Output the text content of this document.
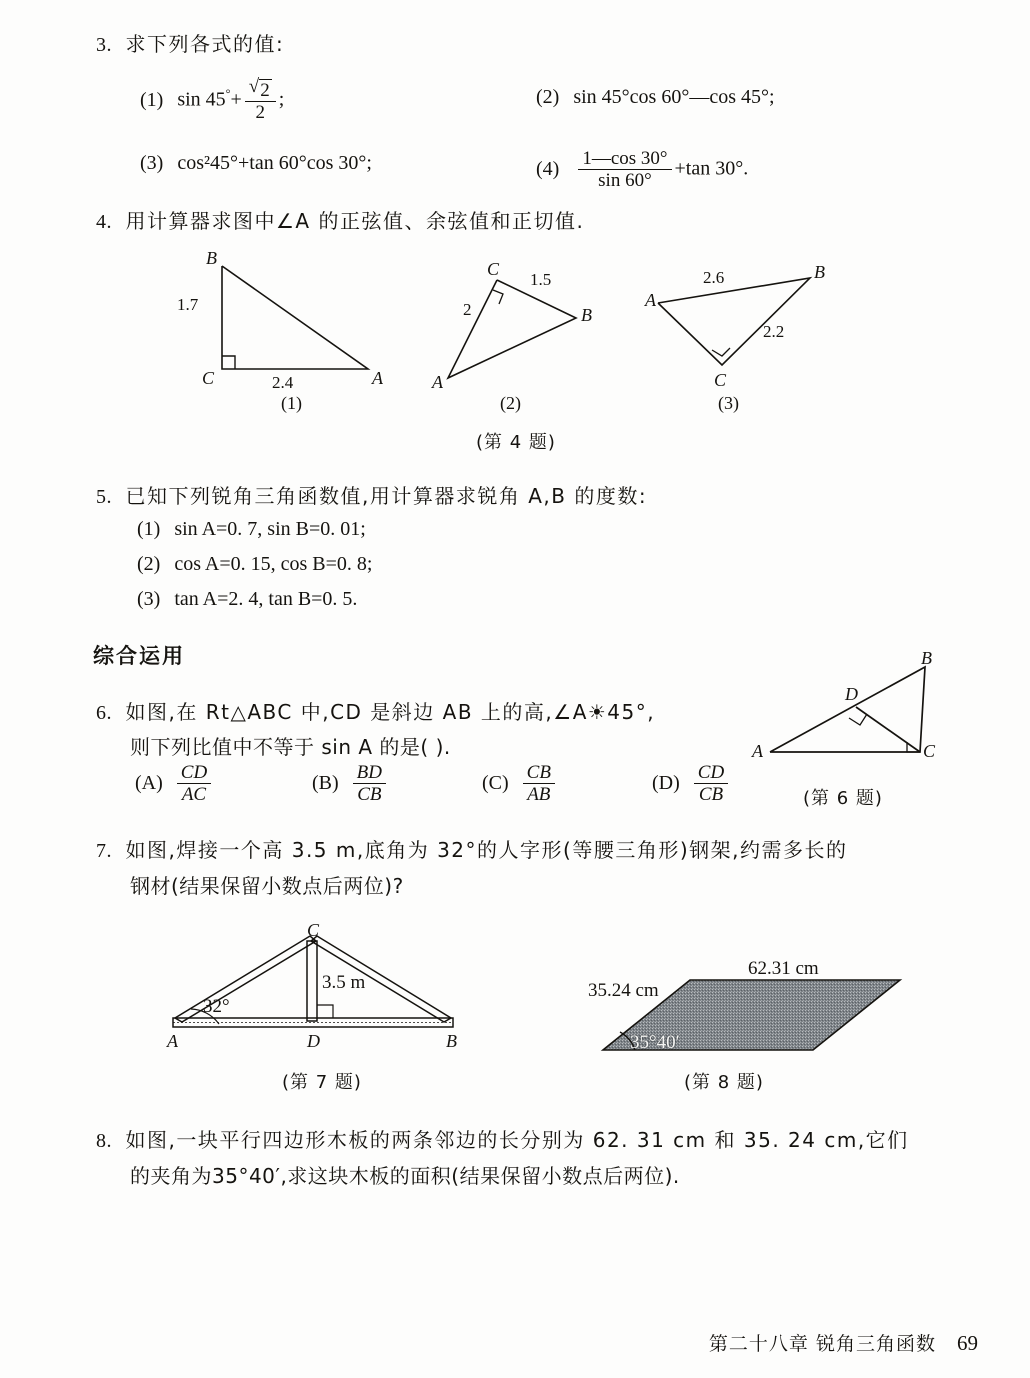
3. 求下列各式的值:
(1) $\sin 45^\circ+ \frac{√ 2}{2}$ ;	(2) sin 45°cos 60°—cos 45°;
(3) cos²45°+tan 60°cos 30°;	$(4) \frac{1—\cos 30^\circ}{\sin 60^\circ} +\tan$ 30°.
4. 用计算器求图中∠A 的正弦值、余弦值和正切值.
B
C	A
1.7
2.4
(1)
C
B
A
2
1.5
(2)
A
B
C
2.6
2.2
(3)
(第 4 题)
5. 已知下列锐角三角函数值,用计算器求锐角 A,B 的度数:
(1) sin A=0. 7, sin B=0. 01;
(2) cos A=0. 15, cos B=0. 8;
(3) tan A=2. 4, tan B=0. 5.
综合运用
6. 如图,在 Rt△ABC 中,CD 是斜边 AB 上的高,∠A☀45°,
则下列比值中不等于 sin A 的是( ).
$(A) \frac{CD}{AC}$	$(B) \frac{BD}{CB}$	$(C) \frac{CB}{AB}$	$(D) \frac{CD}{CB}$
B
D
A	C
(第 6 题)
7. 如图,焊接一个高 3.5 m,底角为 32°的人字形(等腰三角形)钢架,约需多长的
钢材(结果保留小数点后两位)?
C
A	D	B
32°
3.5 m
(第 7 题)
62.31 cm
35.24 cm
35°40′
(第 8 题)
8. 如图,一块平行四边形木板的两条邻边的长分别为 62. 31 cm 和 35. 24 cm,它们
的夹角为35°40′,求这块木板的面积(结果保留小数点后两位).
第二十八章 锐角三角函数 69
